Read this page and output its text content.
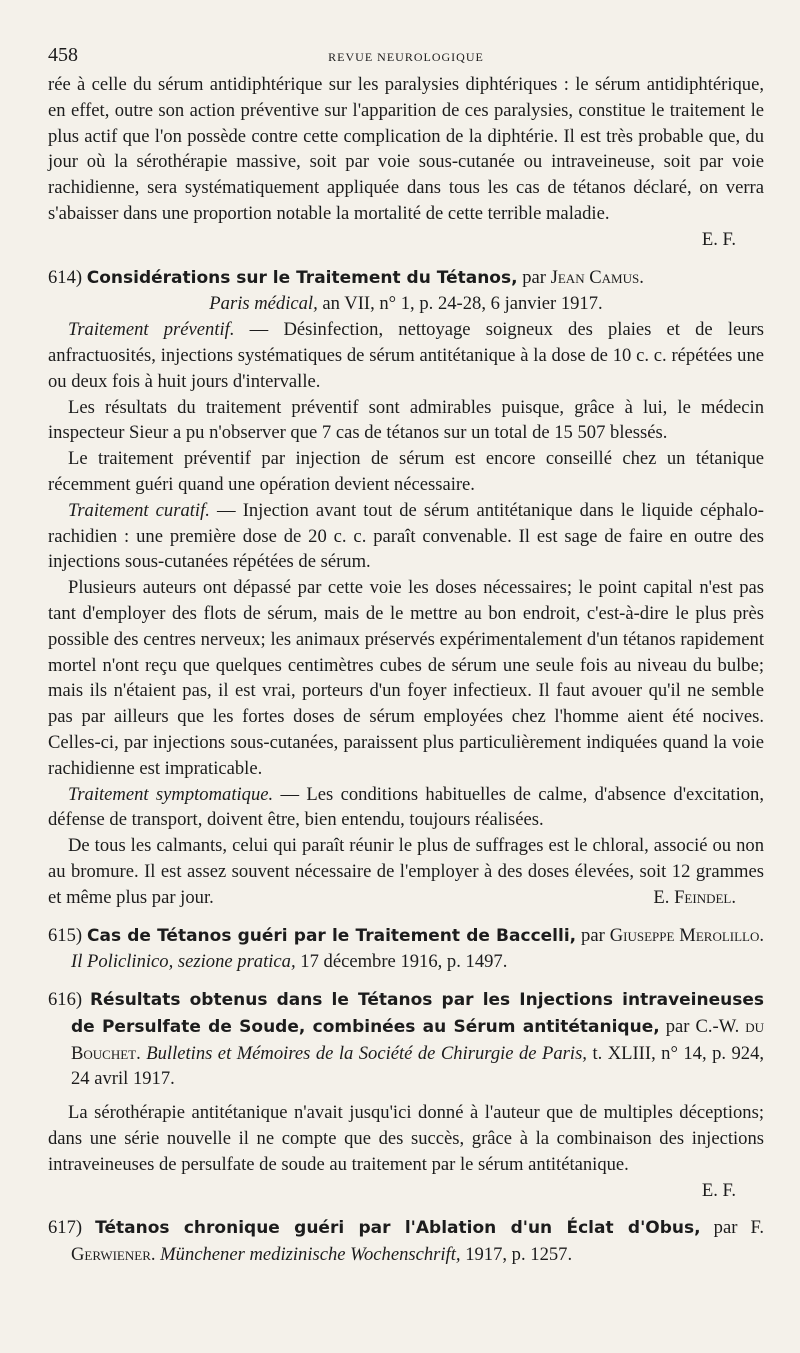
458	REVUE NEUROLOGIQUE

rée à celle du sérum antidiphtérique sur les paralysies diphtériques : le sérum antidiphtérique, en effet, outre son action préventive sur l'apparition de ces paralysies, constitue le traitement le plus actif que l'on possède contre cette complication de la diphtérie. Il est très probable que, du jour où la sérothérapie massive, soit par voie sous-cutanée ou intraveineuse, soit par voie rachidienne, sera systématiquement appliquée dans tous les cas de tétanos déclaré, on verra s'abaisser dans une proportion notable la mortalité de cette terrible maladie.

E. F.

614) Considérations sur le Traitement du Tétanos, par Jean Camus.

Paris médical, an VII, n° 1, p. 24-28, 6 janvier 1917.

Traitement préventif. — Désinfection, nettoyage soigneux des plaies et de leurs anfractuosités, injections systématiques de sérum antitétanique à la dose de 10 c. c. répétées une ou deux fois à huit jours d'intervalle.

Les résultats du traitement préventif sont admirables puisque, grâce à lui, le médecin inspecteur Sieur a pu n'observer que 7 cas de tétanos sur un total de 15 507 blessés.

Le traitement préventif par injection de sérum est encore conseillé chez un tétanique récemment guéri quand une opération devient nécessaire.

Traitement curatif. — Injection avant tout de sérum antitétanique dans le liquide céphalo-rachidien : une première dose de 20 c. c. paraît convenable. Il est sage de faire en outre des injections sous-cutanées répétées de sérum.

Plusieurs auteurs ont dépassé par cette voie les doses nécessaires; le point capital n'est pas tant d'employer des flots de sérum, mais de le mettre au bon endroit, c'est-à-dire le plus près possible des centres nerveux; les animaux préservés expérimentalement d'un tétanos rapidement mortel n'ont reçu que quelques centimètres cubes de sérum une seule fois au niveau du bulbe; mais ils n'étaient pas, il est vrai, porteurs d'un foyer infectieux. Il faut avouer qu'il ne semble pas par ailleurs que les fortes doses de sérum employées chez l'homme aient été nocives. Celles-ci, par injections sous-cutanées, paraissent plus particulièrement indiquées quand la voie rachidienne est impraticable.

Traitement symptomatique. — Les conditions habituelles de calme, d'absence d'excitation, défense de transport, doivent être, bien entendu, toujours réalisées.

De tous les calmants, celui qui paraît réunir le plus de suffrages est le chloral, associé ou non au bromure. Il est assez souvent nécessaire de l'employer à des doses élevées, soit 12 grammes et même plus par jour.	E. Feindel.

615) Cas de Tétanos guéri par le Traitement de Baccelli, par Giuseppe Merolillo. Il Policlinico, sezione pratica, 17 décembre 1916, p. 1497.

616) Résultats obtenus dans le Tétanos par les Injections intraveineuses de Persulfate de Soude, combinées au Sérum antitétanique, par C.-W. du Bouchet. Bulletins et Mémoires de la Société de Chirurgie de Paris, t. XLIII, n° 14, p. 924, 24 avril 1917.

La sérothérapie antitétanique n'avait jusqu'ici donné à l'auteur que de multiples déceptions; dans une série nouvelle il ne compte que des succès, grâce à la combinaison des injections intraveineuses de persulfate de soude au traitement par le sérum antitétanique.

E. F.

617) Tétanos chronique guéri par l'Ablation d'un Éclat d'Obus, par F. Gerwiener. Münchener medizinische Wochenschrift, 1917, p. 1257.
